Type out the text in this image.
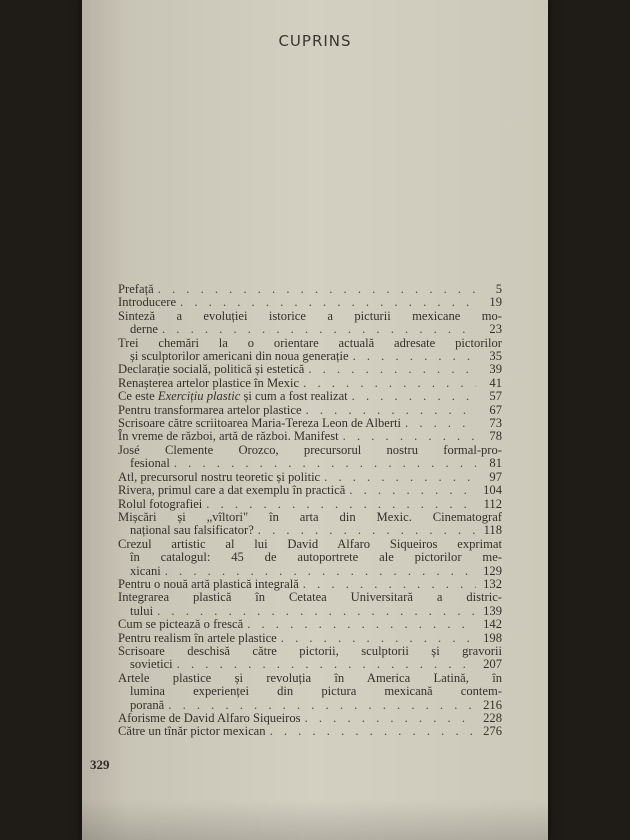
CUPRINS
Prefață . . .	5
Introducere . . .	19
Sinteză a evoluției istorice a picturii mexicane mo-
derne . . .	23
Trei chemări la o orientare actuală adresate pictorilor
și sculptorilor americani din noua generație . . .	35
Declarație socială, politică și estetică . . .	39
Renașterea artelor plastice în Mexic . . .	41
Ce este Exercițiu plastic și cum a fost realizat . . .	57
Pentru transformarea artelor plastice . . .	67
Scrisoare către scriitoarea Maria-Tereza Leon de Alberti . . .	73
În vreme de război, artă de război. Manifest . . .	78
José Clemente Orozco, precursorul nostru formal-pro-
fesional . . .	81
Atl, precursorul nostru teoretic și politic . . .	97
Rivera, primul care a dat exemplu în practică . . .	104
Rolul fotografiei . . .	112
Mișcări și „vîltori" în arta din Mexic. Cinematograf
național sau falsificator? . . .	118
Crezul artistic al lui David Alfaro Siqueiros exprimat
în catalogul: 45 de autoportrete ale pictorilor me-
xicani . . .	129
Pentru o nouă artă plastică integrală . . .	132
Integrarea plastică în Cetatea Universitară a distric-
tului . . .	139
Cum se pictează o frescă . . .	142
Pentru realism în artele plastice . . .	198
Scrisoare deschisă către pictorii, sculptorii și gravorii
sovietici . . .	207
Artele plastice și revoluția în America Latină, în
lumina experienței din pictura mexicană contem-
porană . . .	216
Aforisme de David Alfaro Siqueiros . . .	228
Către un tînăr pictor mexican . . .	276
329
